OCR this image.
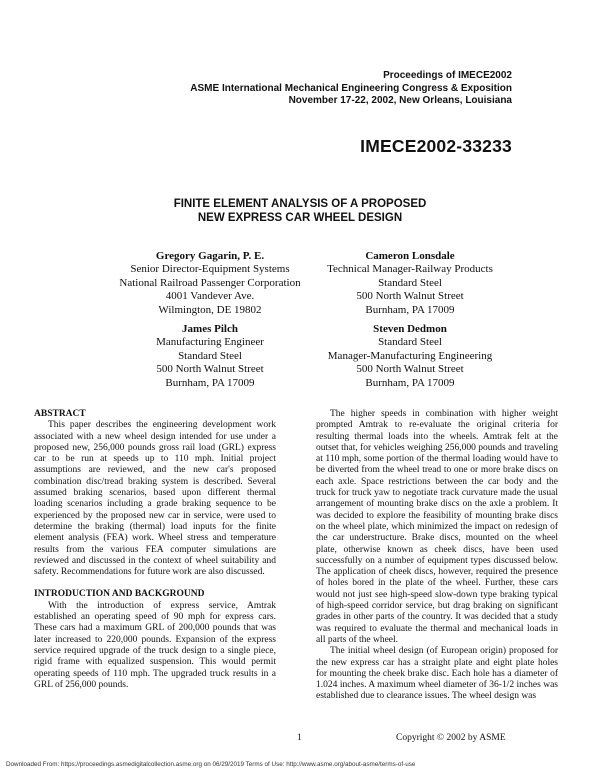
Proceedings of IMECE2002
ASME International Mechanical Engineering Congress & Exposition
November 17-22, 2002, New Orleans, Louisiana
IMECE2002-33233
FINITE ELEMENT ANALYSIS OF A PROPOSED
NEW EXPRESS CAR WHEEL DESIGN
Gregory Gagarin, P. E.
Senior Director-Equipment Systems
National Railroad Passenger Corporation
4001 Vandever Ave.
Wilmington, DE 19802
Cameron Lonsdale
Technical Manager-Railway Products
Standard Steel
500 North Walnut Street
Burnham, PA 17009
James Pilch
Manufacturing Engineer
Standard Steel
500 North Walnut Street
Burnham, PA 17009
Steven Dedmon
Standard Steel
Manager-Manufacturing Engineering
500 North Walnut Street
Burnham, PA 17009
ABSTRACT

This paper describes the engineering development work associated with a new wheel design intended for use under a proposed new, 256,000 pounds gross rail load (GRL) express car to be run at speeds up to 110 mph. Initial project assumptions are reviewed, and the new car's proposed combination disc/tread braking system is described. Several assumed braking scenarios, based upon different thermal loading scenarios including a grade braking sequence to be experienced by the proposed new car in service, were used to determine the braking (thermal) load inputs for the finite element analysis (FEA) work. Wheel stress and temperature results from the various FEA computer simulations are reviewed and discussed in the context of wheel suitability and safety. Recommendations for future work are also discussed.

INTRODUCTION AND BACKGROUND

With the introduction of express service, Amtrak established an operating speed of 90 mph for express cars. These cars had a maximum GRL of 200,000 pounds that was later increased to 220,000 pounds. Expansion of the express service required upgrade of the truck design to a single piece, rigid frame with equalized suspension. This would permit operating speeds of 110 mph. The upgraded truck results in a GRL of 256,000 pounds.

The higher speeds in combination with higher weight prompted Amtrak to re-evaluate the original criteria for resulting thermal loads into the wheels. Amtrak felt at the outset that, for vehicles weighing 256,000 pounds and traveling at 110 mph, some portion of the thermal loading would have to be diverted from the wheel tread to one or more brake discs on each axle. Space restrictions between the car body and the truck for truck yaw to negotiate track curvature made the usual arrangement of mounting brake discs on the axle a problem. It was decided to explore the feasibility of mounting brake discs on the wheel plate, which minimized the impact on redesign of the car understructure. Brake discs, mounted on the wheel plate, otherwise known as cheek discs, have been used successfully on a number of equipment types discussed below. The application of cheek discs, however, required the presence of holes bored in the plate of the wheel. Further, these cars would not just see high-speed slow-down type braking typical of high-speed corridor service, but drag braking on significant grades in other parts of the country. It was decided that a study was required to evaluate the thermal and mechanical loads in all parts of the wheel.

The initial wheel design (of European origin) proposed for the new express car has a straight plate and eight plate holes for mounting the cheek brake disc. Each hole has a diameter of 1.024 inches. A maximum wheel diameter of 36-1/2 inches was established due to clearance issues. The wheel design was

1	Copyright © 2002 by ASME
Downloaded From: https://proceedings.asmedigitalcollection.asme.org on 06/29/2019 Terms of Use: http://www.asme.org/about-asme/terms-of-use
